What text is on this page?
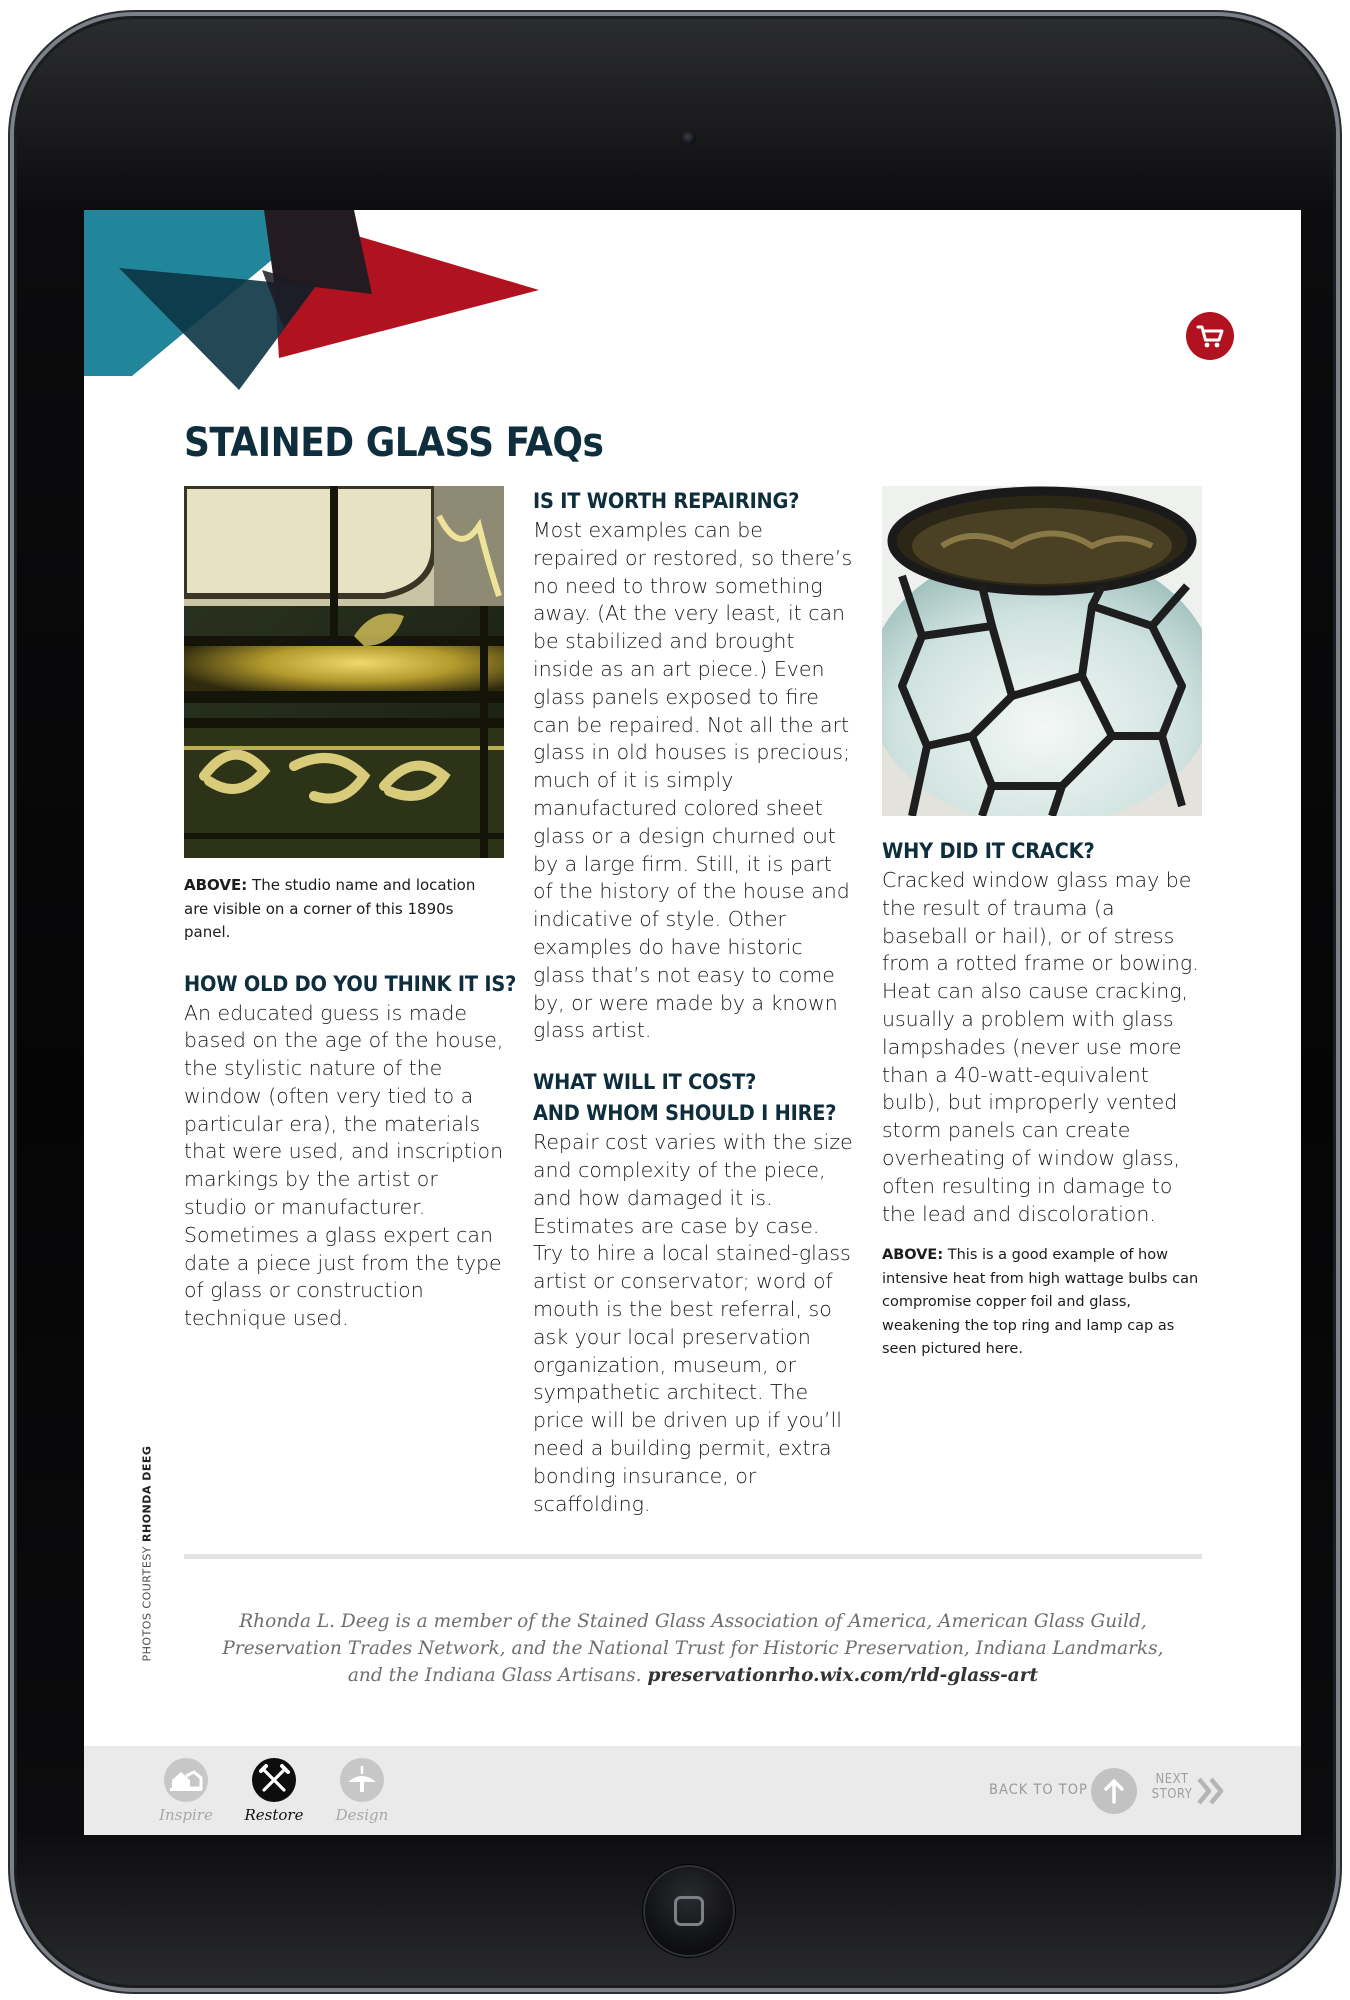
STAINED GLASS FAQs

ABOVE: The studio name and location are visible on a corner of this 1890s panel.

HOW OLD DO YOU THINK IT IS?

An educated guess is made based on the age of the house, the stylistic nature of the window (often very tied to a particular era), the materials that were used, and inscription markings by the artist or studio or manufacturer. Sometimes a glass expert can date a piece just from the type of glass or construction technique used.

IS IT WORTH REPAIRING?

Most examples can be repaired or restored, so there’s no need to throw something away. (At the very least, it can be stabilized and brought inside as an art piece.) Even glass panels exposed to fire can be repaired. Not all the art glass in old houses is precious; much of it is simply manufactured colored sheet glass or a design churned out by a large firm. Still, it is part of the history of the house and indicative of style. Other examples do have historic glass that’s not easy to come by, or were made by a known glass artist.

WHAT WILL IT COST?
AND WHOM SHOULD I HIRE?

Repair cost varies with the size and complexity of the piece, and how damaged it is. Estimates are case by case. Try to hire a local stained-glass artist or conservator; word of mouth is the best referral, so ask your local preservation organization, museum, or sympathetic architect. The price will be driven up if you’ll need a building permit, extra bonding insurance, or scaffolding.

WHY DID IT CRACK?

Cracked window glass may be the result of trauma (a baseball or hail), or of stress from a rotted frame or bowing. Heat can also cause cracking, usually a problem with glass lampshades (never use more than a 40-watt-equivalent bulb), but improperly vented storm panels can create overheating of window glass, often resulting in damage to the lead and discoloration.

ABOVE: This is a good example of how intensive heat from high wattage bulbs can compromise copper foil and glass, weakening the top ring and lamp cap as seen pictured here.

PHOTOS COURTESY RHONDA DEEG

Rhonda L. Deeg is a member of the Stained Glass Association of America, American Glass Guild, Preservation Trades Network, and the National Trust for Historic Preservation, Indiana Landmarks, and the Indiana Glass Artisans. preservationrho.wix.com/rld-glass-art

Inspire	Restore	Design
BACK TO TOP
NEXT
STORY
